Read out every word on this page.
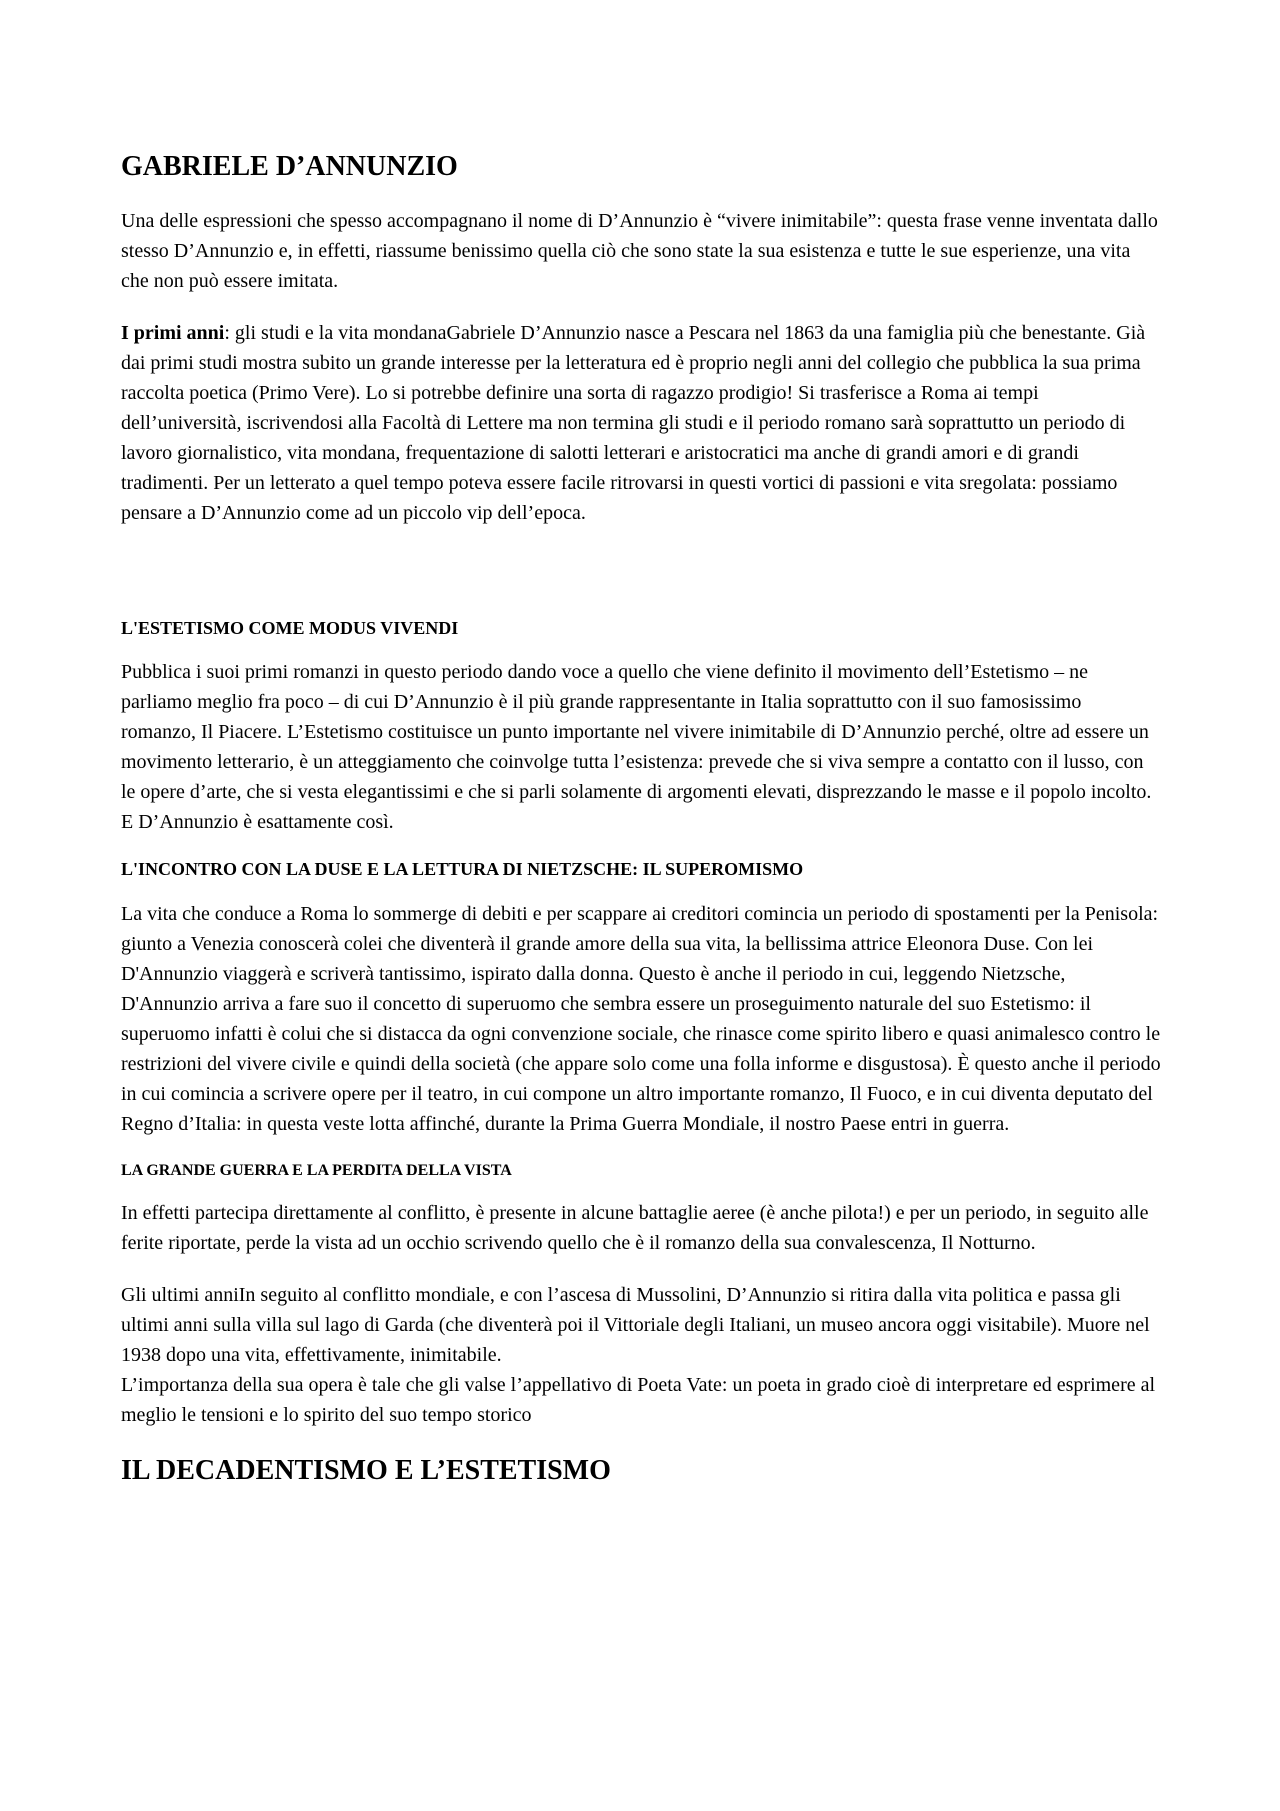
GABRIELE D’ANNUNZIO

Una delle espressioni che spesso accompagnano il nome di D’Annunzio è “vivere inimitabile”: questa frase venne inventata dallo stesso D’Annunzio e, in effetti, riassume benissimo quella ciò che sono state la sua esistenza e tutte le sue esperienze, una vita che non può essere imitata.

I primi anni: gli studi e la vita mondanaGabriele D’Annunzio nasce a Pescara nel 1863 da una famiglia più che benestante. Già dai primi studi mostra subito un grande interesse per la letteratura ed è proprio negli anni del collegio che pubblica la sua prima raccolta poetica (Primo Vere). Lo si potrebbe definire una sorta di ragazzo prodigio! Si trasferisce a Roma ai tempi dell’università, iscrivendosi alla Facoltà di Lettere ma non termina gli studi e il periodo romano sarà soprattutto un periodo di lavoro giornalistico, vita mondana, frequentazione di salotti letterari e aristocratici ma anche di grandi amori e di grandi tradimenti. Per un letterato a quel tempo poteva essere facile ritrovarsi in questi vortici di passioni e vita sregolata: possiamo pensare a D’Annunzio come ad un piccolo vip dell’epoca.

L'ESTETISMO COME MODUS VIVENDI

Pubblica i suoi primi romanzi in questo periodo dando voce a quello che viene definito il movimento dell’Estetismo – ne parliamo meglio fra poco – di cui D’Annunzio è il più grande rappresentante in Italia soprattutto con il suo famosissimo romanzo, Il Piacere. L’Estetismo costituisce un punto importante nel vivere inimitabile di D’Annunzio perché, oltre ad essere un movimento letterario, è un atteggiamento che coinvolge tutta l’esistenza: prevede che si viva sempre a contatto con il lusso, con le opere d’arte, che si vesta elegantissimi e che si parli solamente di argomenti elevati, disprezzando le masse e il popolo incolto. E D’Annunzio è esattamente così.

L'INCONTRO CON LA DUSE E LA LETTURA DI NIETZSCHE: IL SUPEROMISMO

La vita che conduce a Roma lo sommerge di debiti e per scappare ai creditori comincia un periodo di spostamenti per la Penisola: giunto a Venezia conoscerà colei che diventerà il grande amore della sua vita, la bellissima attrice Eleonora Duse. Con lei D'Annunzio viaggerà e scriverà tantissimo, ispirato dalla donna. Questo è anche il periodo in cui, leggendo Nietzsche, D'Annunzio arriva a fare suo il concetto di superuomo che sembra essere un proseguimento naturale del suo Estetismo: il superuomo infatti è colui che si distacca da ogni convenzione sociale, che rinasce come spirito libero e quasi animalesco contro le restrizioni del vivere civile e quindi della società (che appare solo come una folla informe e disgustosa). È questo anche il periodo in cui comincia a scrivere opere per il teatro, in cui compone un altro importante romanzo, Il Fuoco, e in cui diventa deputato del Regno d’Italia: in questa veste lotta affinché, durante la Prima Guerra Mondiale, il nostro Paese entri in guerra.

LA GRANDE GUERRA E LA PERDITA DELLA VISTA

In effetti partecipa direttamente al conflitto, è presente in alcune battaglie aeree (è anche pilota!) e per un periodo, in seguito alle ferite riportate, perde la vista ad un occhio scrivendo quello che è il romanzo della sua convalescenza, Il Notturno.

Gli ultimi anniIn seguito al conflitto mondiale, e con l’ascesa di Mussolini, D’Annunzio si ritira dalla vita politica e passa gli ultimi anni sulla villa sul lago di Garda (che diventerà poi il Vittoriale degli Italiani, un museo ancora oggi visitabile). Muore nel 1938 dopo una vita, effettivamente, inimitabile.
L’importanza della sua opera è tale che gli valse l’appellativo di Poeta Vate: un poeta in grado cioè di interpretare ed esprimere al meglio le tensioni e lo spirito del suo tempo storico

IL DECADENTISMO E L’ESTETISMO
